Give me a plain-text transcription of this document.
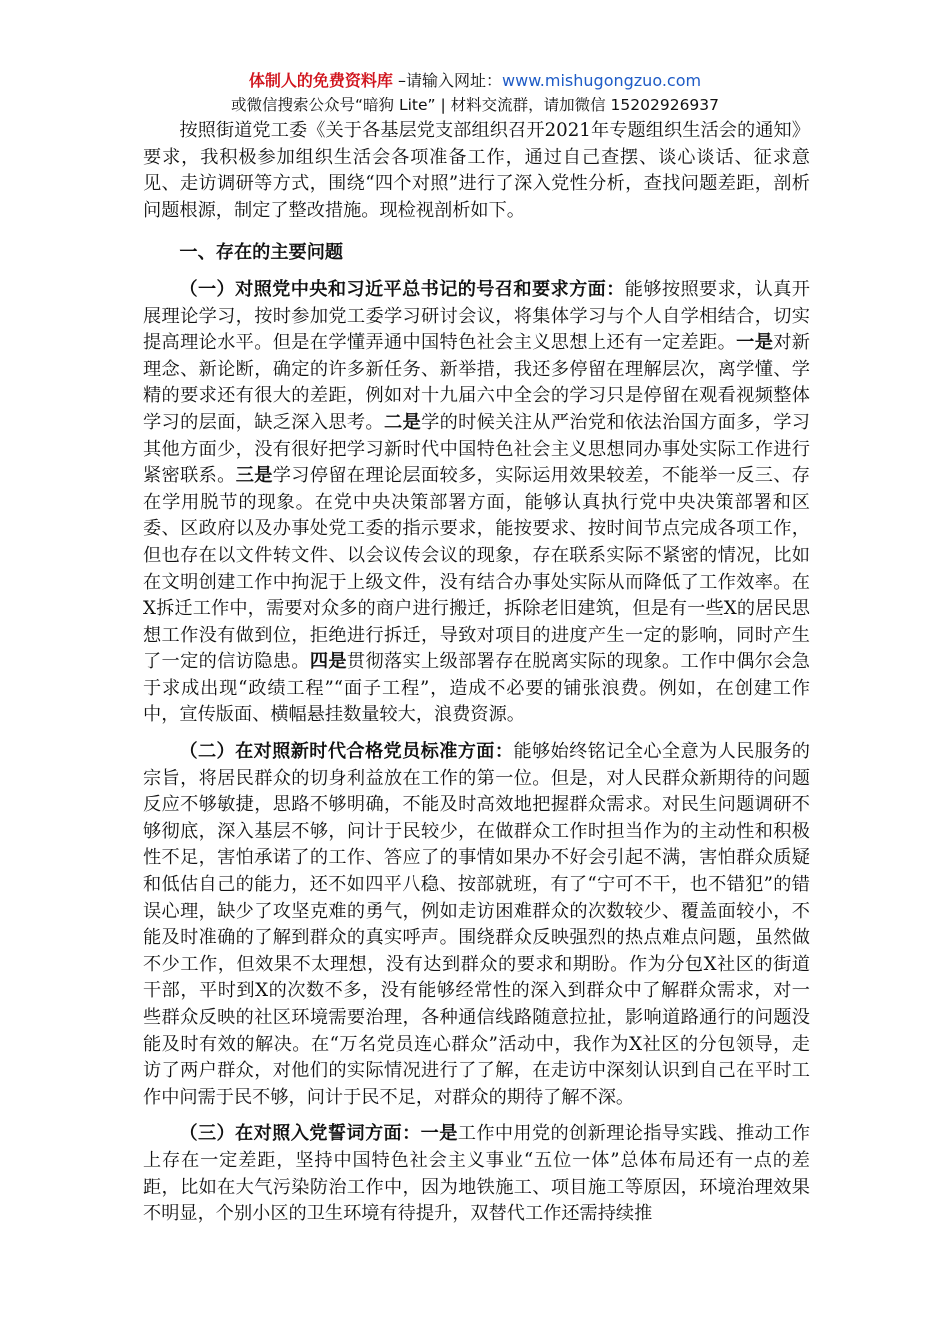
体制人的免费资料库 –请输入网址：www.mishugongzuo.com
或微信搜索公众号“暗狗 Lite” | 材料交流群，请加微信 15202926937

按照街道党工委《关于各基层党支部组织召开2021年专题组织生活会的通知》要求，我积极参加组织生活会各项准备工作，通过自己查摆、谈心谈话、征求意见、走访调研等方式，围绕“四个对照”进行了深入党性分析，查找问题差距，剖析问题根源，制定了整改措施。现检视剖析如下。

一、存在的主要问题

（一）对照党中央和习近平总书记的号召和要求方面：能够按照要求，认真开展理论学习，按时参加党工委学习研讨会议，将集体学习与个人自学相结合，切实提高理论水平。但是在学懂弄通中国特色社会主义思想上还有一定差距。一是对新理念、新论断，确定的许多新任务、新举措，我还多停留在理解层次，离学懂、学精的要求还有很大的差距，例如对十九届六中全会的学习只是停留在观看视频整体学习的层面，缺乏深入思考。二是学的时候关注从严治党和依法治国方面多，学习其他方面少，没有很好把学习新时代中国特色社会主义思想同办事处实际工作进行紧密联系。三是学习停留在理论层面较多，实际运用效果较差，不能举一反三、存在学用脱节的现象。在党中央决策部署方面，能够认真执行党中央决策部署和区委、区政府以及办事处党工委的指示要求，能按要求、按时间节点完成各项工作，但也存在以文件转文件、以会议传会议的现象，存在联系实际不紧密的情况，比如在文明创建工作中拘泥于上级文件，没有结合办事处实际从而降低了工作效率。在X拆迁工作中，需要对众多的商户进行搬迁，拆除老旧建筑，但是有一些X的居民思想工作没有做到位，拒绝进行拆迁，导致对项目的进度产生一定的影响，同时产生了一定的信访隐患。四是贯彻落实上级部署存在脱离实际的现象。工作中偶尔会急于求成出现“政绩工程”“面子工程”，造成不必要的铺张浪费。例如，在创建工作中，宣传版面、横幅悬挂数量较大，浪费资源。

（二）在对照新时代合格党员标准方面：能够始终铭记全心全意为人民服务的宗旨，将居民群众的切身利益放在工作的第一位。但是，对人民群众新期待的问题反应不够敏捷，思路不够明确，不能及时高效地把握群众需求。对民生问题调研不够彻底，深入基层不够，问计于民较少，在做群众工作时担当作为的主动性和积极性不足，害怕承诺了的工作、答应了的事情如果办不好会引起不满，害怕群众质疑和低估自己的能力，还不如四平八稳、按部就班，有了“宁可不干，也不错犯”的错误心理，缺少了攻坚克难的勇气，例如走访困难群众的次数较少、覆盖面较小，不能及时准确的了解到群众的真实呼声。围绕群众反映强烈的热点难点问题，虽然做不少工作，但效果不太理想，没有达到群众的要求和期盼。作为分包X社区的街道干部，平时到X的次数不多，没有能够经常性的深入到群众中了解群众需求，对一些群众反映的社区环境需要治理，各种通信线路随意拉扯，影响道路通行的问题没能及时有效的解决。在“万名党员连心群众”活动中，我作为X社区的分包领导，走访了两户群众，对他们的实际情况进行了了解，在走访中深刻认识到自己在平时工作中问需于民不够，问计于民不足，对群众的期待了解不深。

（三）在对照入党誓词方面：一是工作中用党的创新理论指导实践、推动工作上存在一定差距，坚持中国特色社会主义事业“五位一体”总体布局还有一点的差距，比如在大气污染防治工作中，因为地铁施工、项目施工等原因，环境治理效果不明显，个别小区的卫生环境有待提升，双替代工作还需持续推
